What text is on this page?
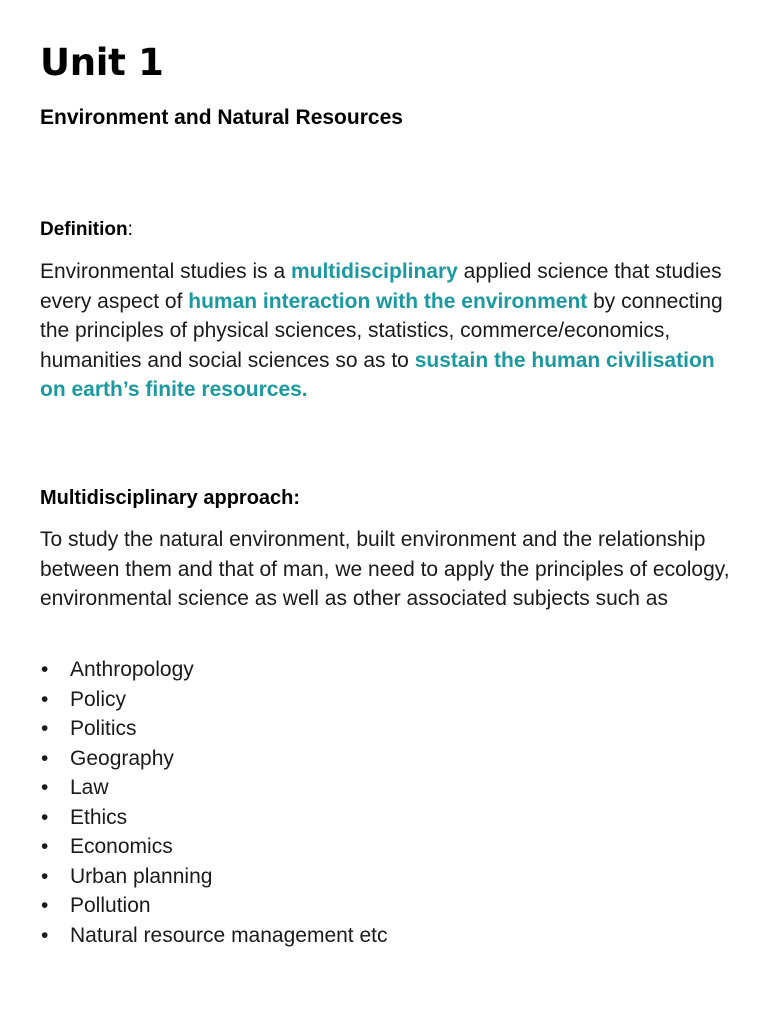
Unit 1
Environment and Natural Resources

Definition:

Environmental studies is a multidisciplinary applied science that studies every aspect of human interaction with the environment by connecting the principles of physical sciences, statistics, commerce/economics, humanities and social sciences so as to sustain the human civilisation on earth’s finite resources.

Multidisciplinary approach:

To study the natural environment, built environment and the relationship between them and that of man, we need to apply the principles of ecology, environmental science as well as other associated subjects such as

•	Anthropology
•	Policy
•	Politics
•	Geography
•	Law
•	Ethics
•	Economics
•	Urban planning
•	Pollution
•	Natural resource management etc
